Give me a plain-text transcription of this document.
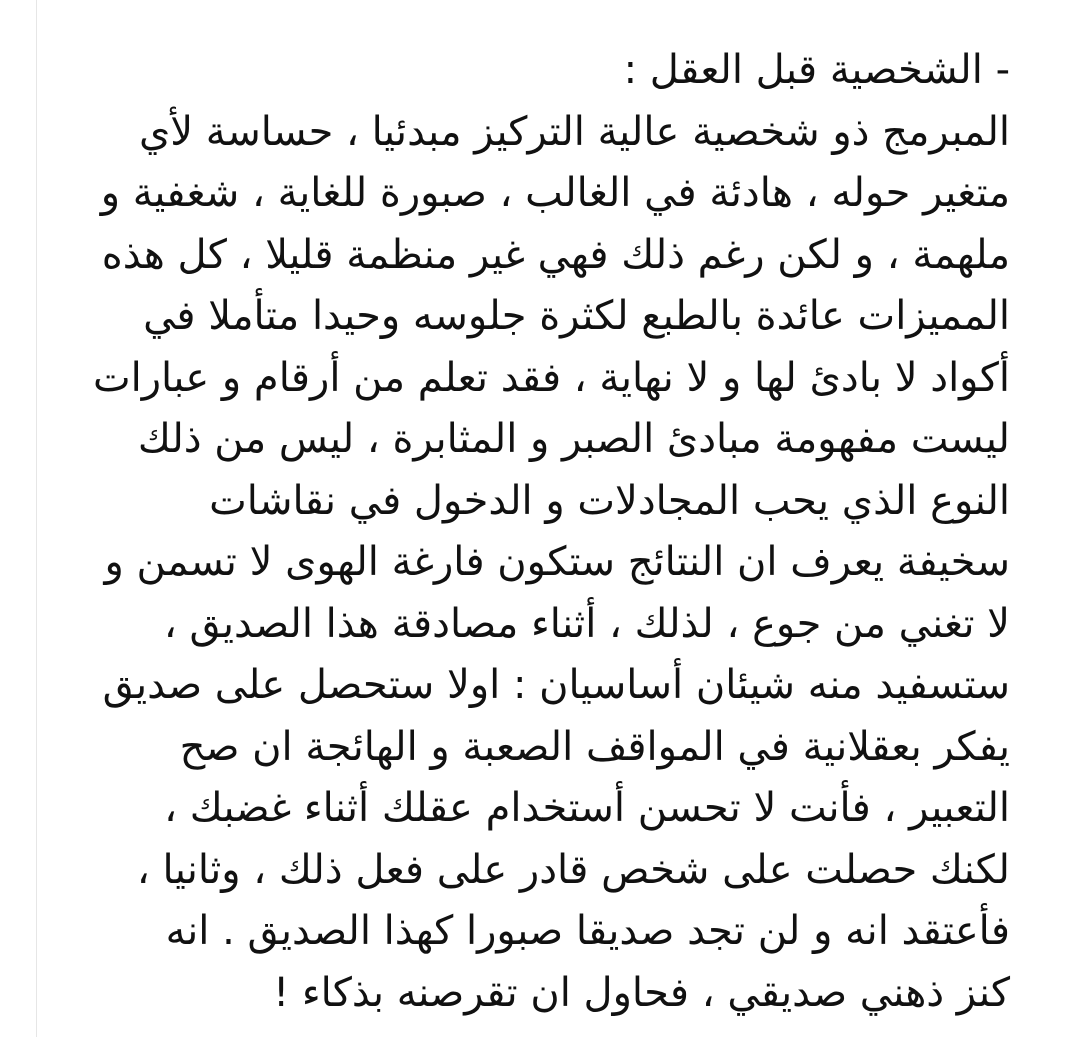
- الشخصية قبل العقل :
المبرمج ذو شخصية عالية التركيز مبدئيا ، حساسة لأي
متغير حوله ، هادئة في الغالب ، صبورة للغاية ، شغفية و
ملهمة ، و لكن رغم ذلك فهي غير منظمة قليلا ، كل هذه
المميزات عائدة بالطبع لكثرة جلوسه وحيدا متأملا في
أكواد لا بادئ لها و لا نهاية ، فقد تعلم من أرقام و عبارات
ليست مفهومة مبادئ الصبر و المثابرة ، ليس من ذلك
النوع الذي يحب المجادلات و الدخول في نقاشات
سخيفة يعرف ان النتائج ستكون فارغة الهوى لا تسمن و
لا تغني من جوع ، لذلك ، أثناء مصادقة هذا الصديق ،
ستسفيد منه شيئان أساسيان : اولا ستحصل على صديق
يفكر بعقلانية في المواقف الصعبة و الهائجة ان صح
التعبير ، فأنت لا تحسن أستخدام عقلك أثناء غضبك ،
لكنك حصلت على شخص قادر على فعل ذلك ، وثانيا ،
فأعتقد انه و لن تجد صديقا صبورا كهذا الصديق . انه
كنز ذهني صديقي ، فحاول ان تقرصنه بذكاء !
